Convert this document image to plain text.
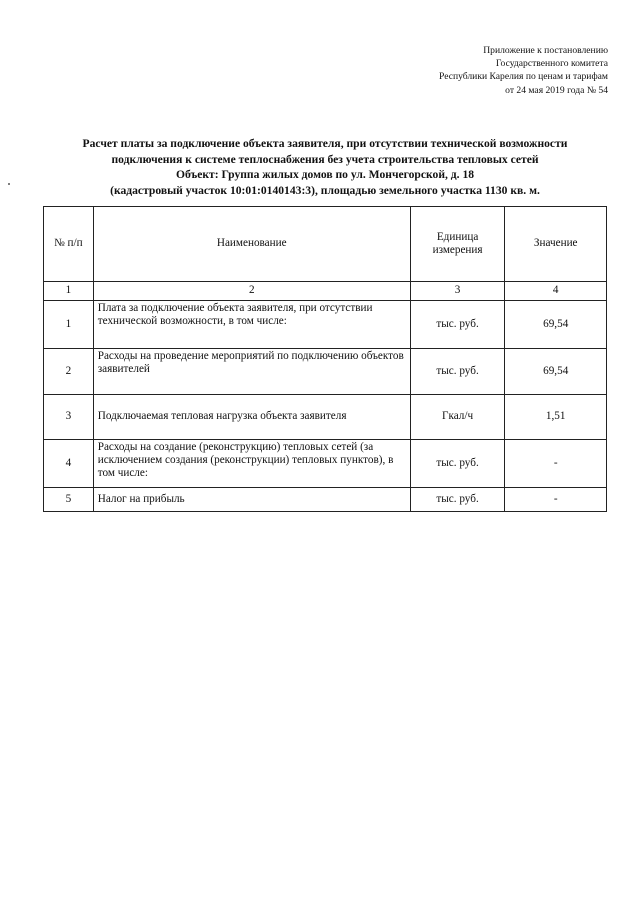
Приложение к постановлению
Государственного комитета
Республики Карелия по ценам и тарифам
от 24 мая 2019 года № 54
Расчет платы за подключение объекта заявителя, при отсутствии технической возможности
подключения к системе теплоснабжения без учета строительства тепловых сетей
Объект: Группа жилых домов по ул. Мончегорской, д. 18
(кадастровый участок 10:01:0140143:3), площадью земельного участка 1130 кв. м.
№ п/п	Наименование	Единица измерения	Значение
1	2	3	4
1	Плата за подключение объекта заявителя, при отсутствии технической возможности, в том числе:	тыс. руб.	69,54
2	Расходы на проведение мероприятий по подключению объектов заявителей	тыс. руб.	69,54
3	Подключаемая тепловая нагрузка объекта заявителя	Гкал/ч	1,51
4	Расходы на создание (реконструкцию) тепловых сетей (за исключением создания (реконструкции) тепловых пунктов), в том числе:	тыс. руб.	-
5	Налог на прибыль	тыс. руб.	-
